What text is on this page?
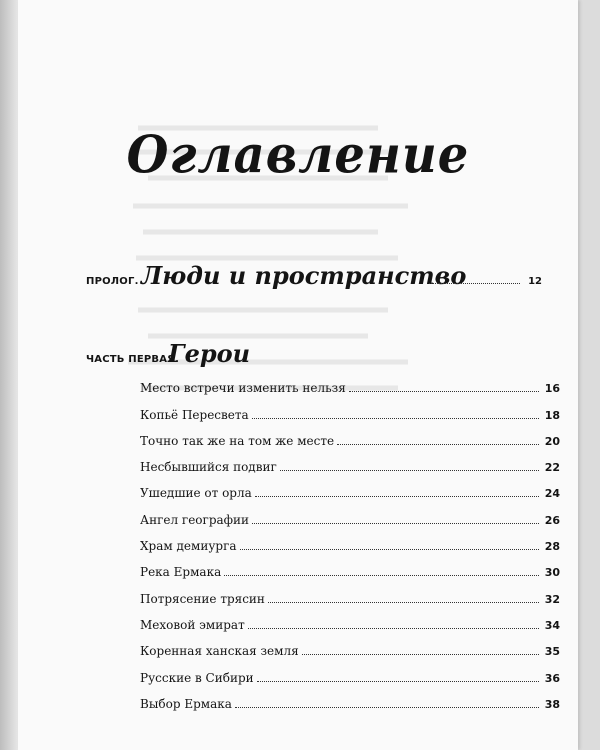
Оглавление
ПРОЛОГ. Люди и пространство	12
ЧАСТЬ ПЕРВАЯ.
Герои
Место встречи изменить нельзя	16
Копьё Пересвета	18
Точно так же на том же месте	20
Несбывшийся подвиг	22
Ушедшие от орла	24
Ангел географии	26
Храм демиурга	28
Река Ермака	30
Потрясение трясин	32
Меховой эмират	34
Коренная ханская земля	35
Русские в Сибири	36
Выбор Ермака	38
